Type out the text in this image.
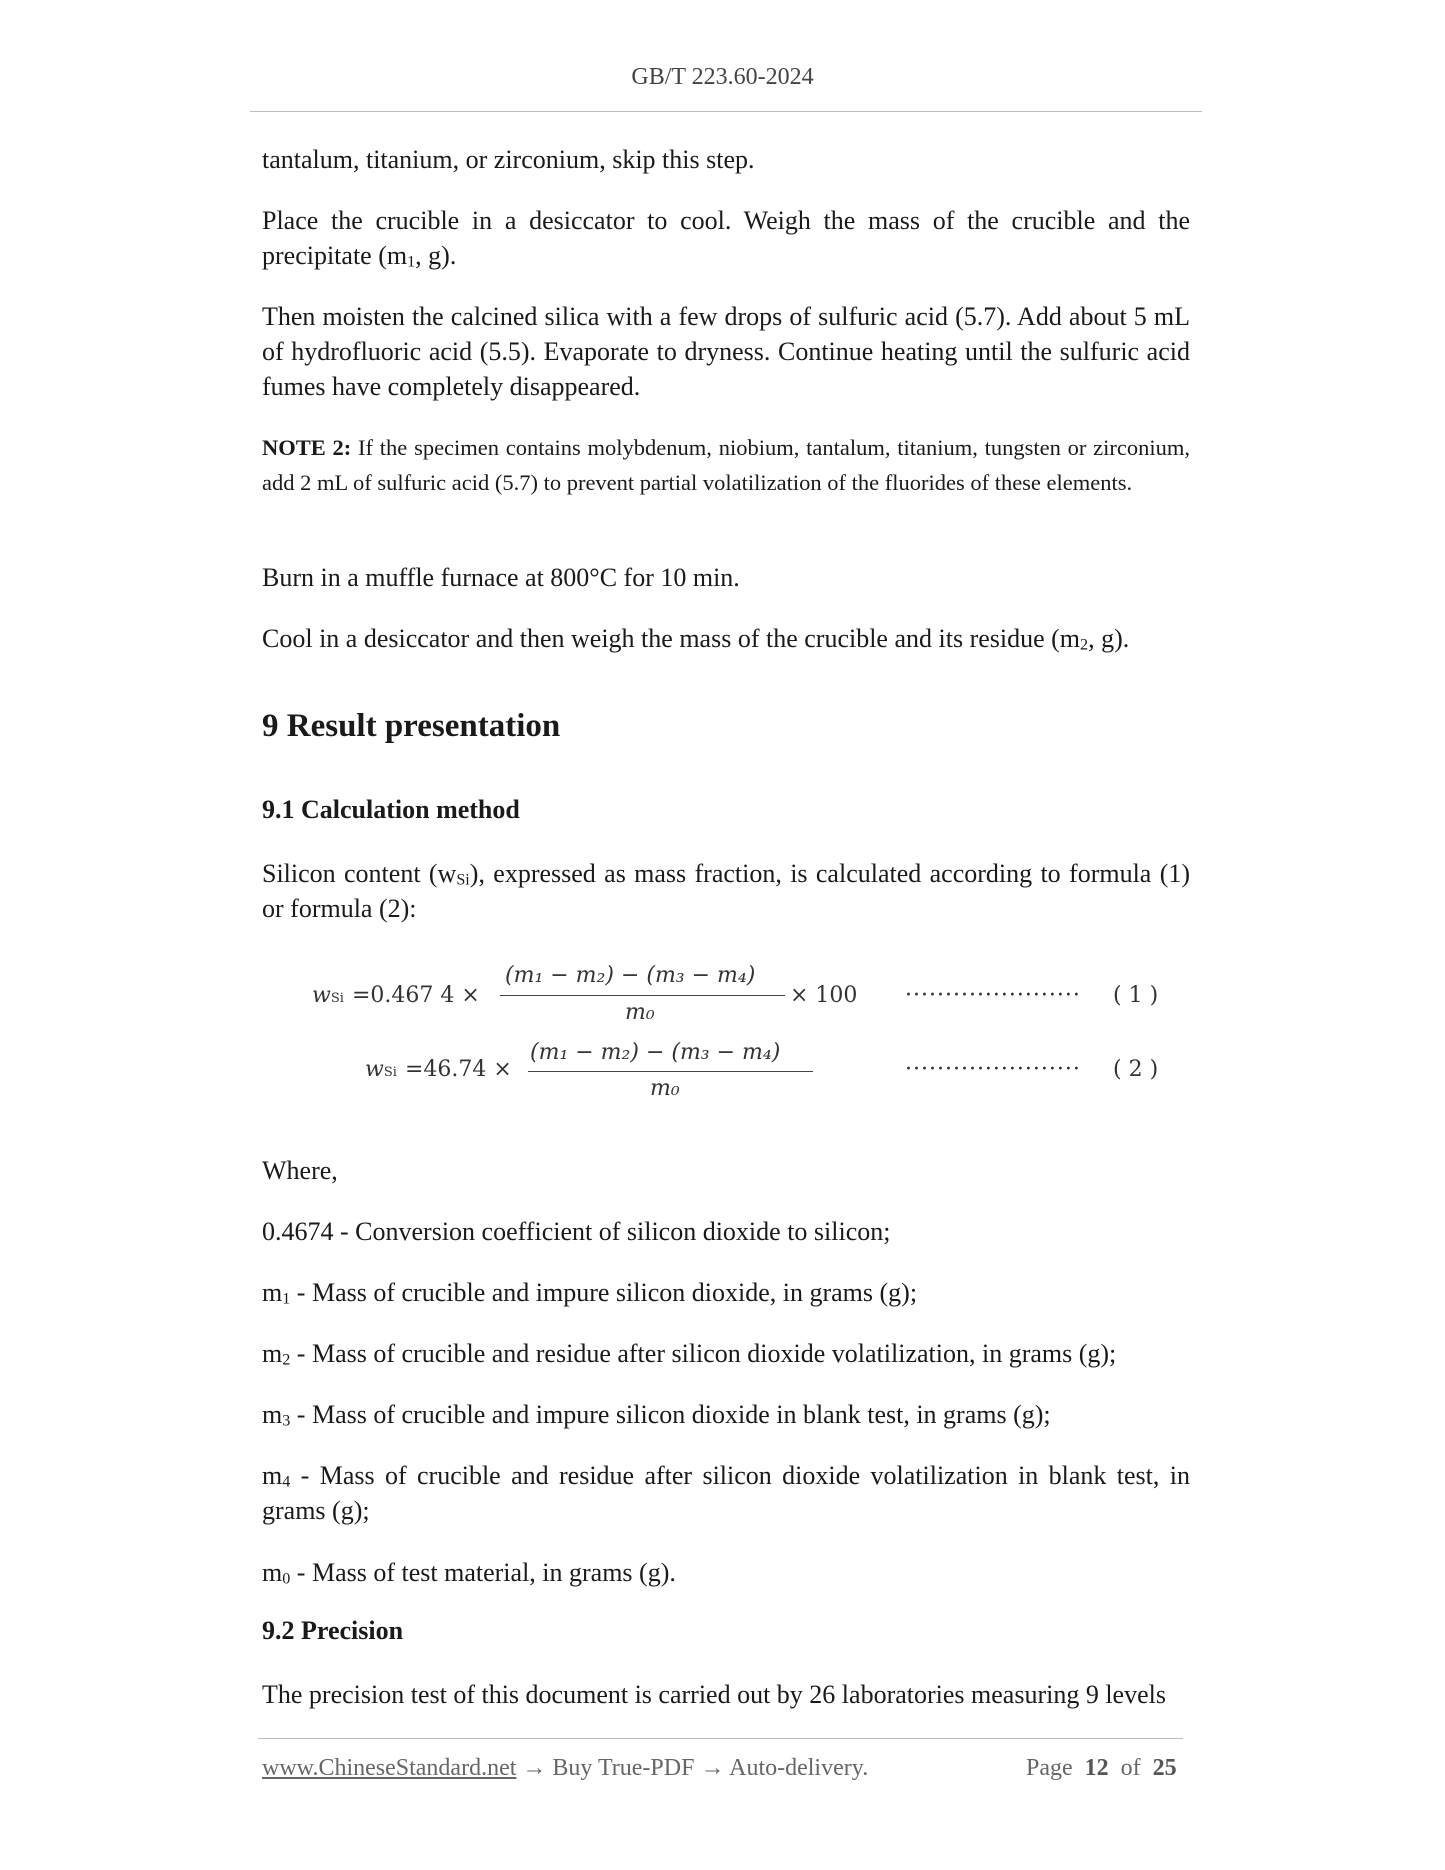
GB/T 223.60-2024

tantalum, titanium, or zirconium, skip this step.

Place the crucible in a desiccator to cool. Weigh the mass of the crucible and the precipitate ($m_1$, g).

Then moisten the calcined silica with a few drops of sulfuric acid (5.7). Add about 5 mL of hydrofluoric acid (5.5). Evaporate to dryness. Continue heating until the sulfuric acid fumes have completely disappeared.

NOTE 2: If the specimen contains molybdenum, niobium, tantalum, titanium, tungsten or zirconium, add 2 mL of sulfuric acid (5.7) to prevent partial volatilization of the fluorides of these elements.

Burn in a muffle furnace at 800°C for 10 min.

Cool in a desiccator and then weigh the mass of the crucible and its residue ($m_2$, g).

9 Result presentation
9.1 Calculation method

Silicon content $(w_{Si})$, expressed as mass fraction, is calculated according to formula (1) or formula (2):

Where,

0.4674 - Conversion coefficient of silicon dioxide to silicon;

$m_1$ - Mass of crucible and impure silicon dioxide, in grams (g);

$m_2$ - Mass of crucible and residue after silicon dioxide volatilization, in grams (g);

$m_3$ - Mass of crucible and impure silicon dioxide in blank test, in grams (g);

$m_4$ - Mass of crucible and residue after silicon dioxide volatilization in blank test, in grams (g);

$m_0$ - Mass of test material, in grams (g).

9.2 Precision

The precision test of this document is carried out by 26 laboratories measuring 9 levels

wSi =0.467 4 ×
(m₁ − m₂) − (m₃ − m₄)
m₀
× 100 ······················ ( 1 )
wSi =46.74 ×
(m₁ − m₂) − (m₃ − m₄)
m₀
······················ ( 2 )
www.ChineseStandard.net → Buy True-PDF → Auto-delivery.	Page 12 of 25
